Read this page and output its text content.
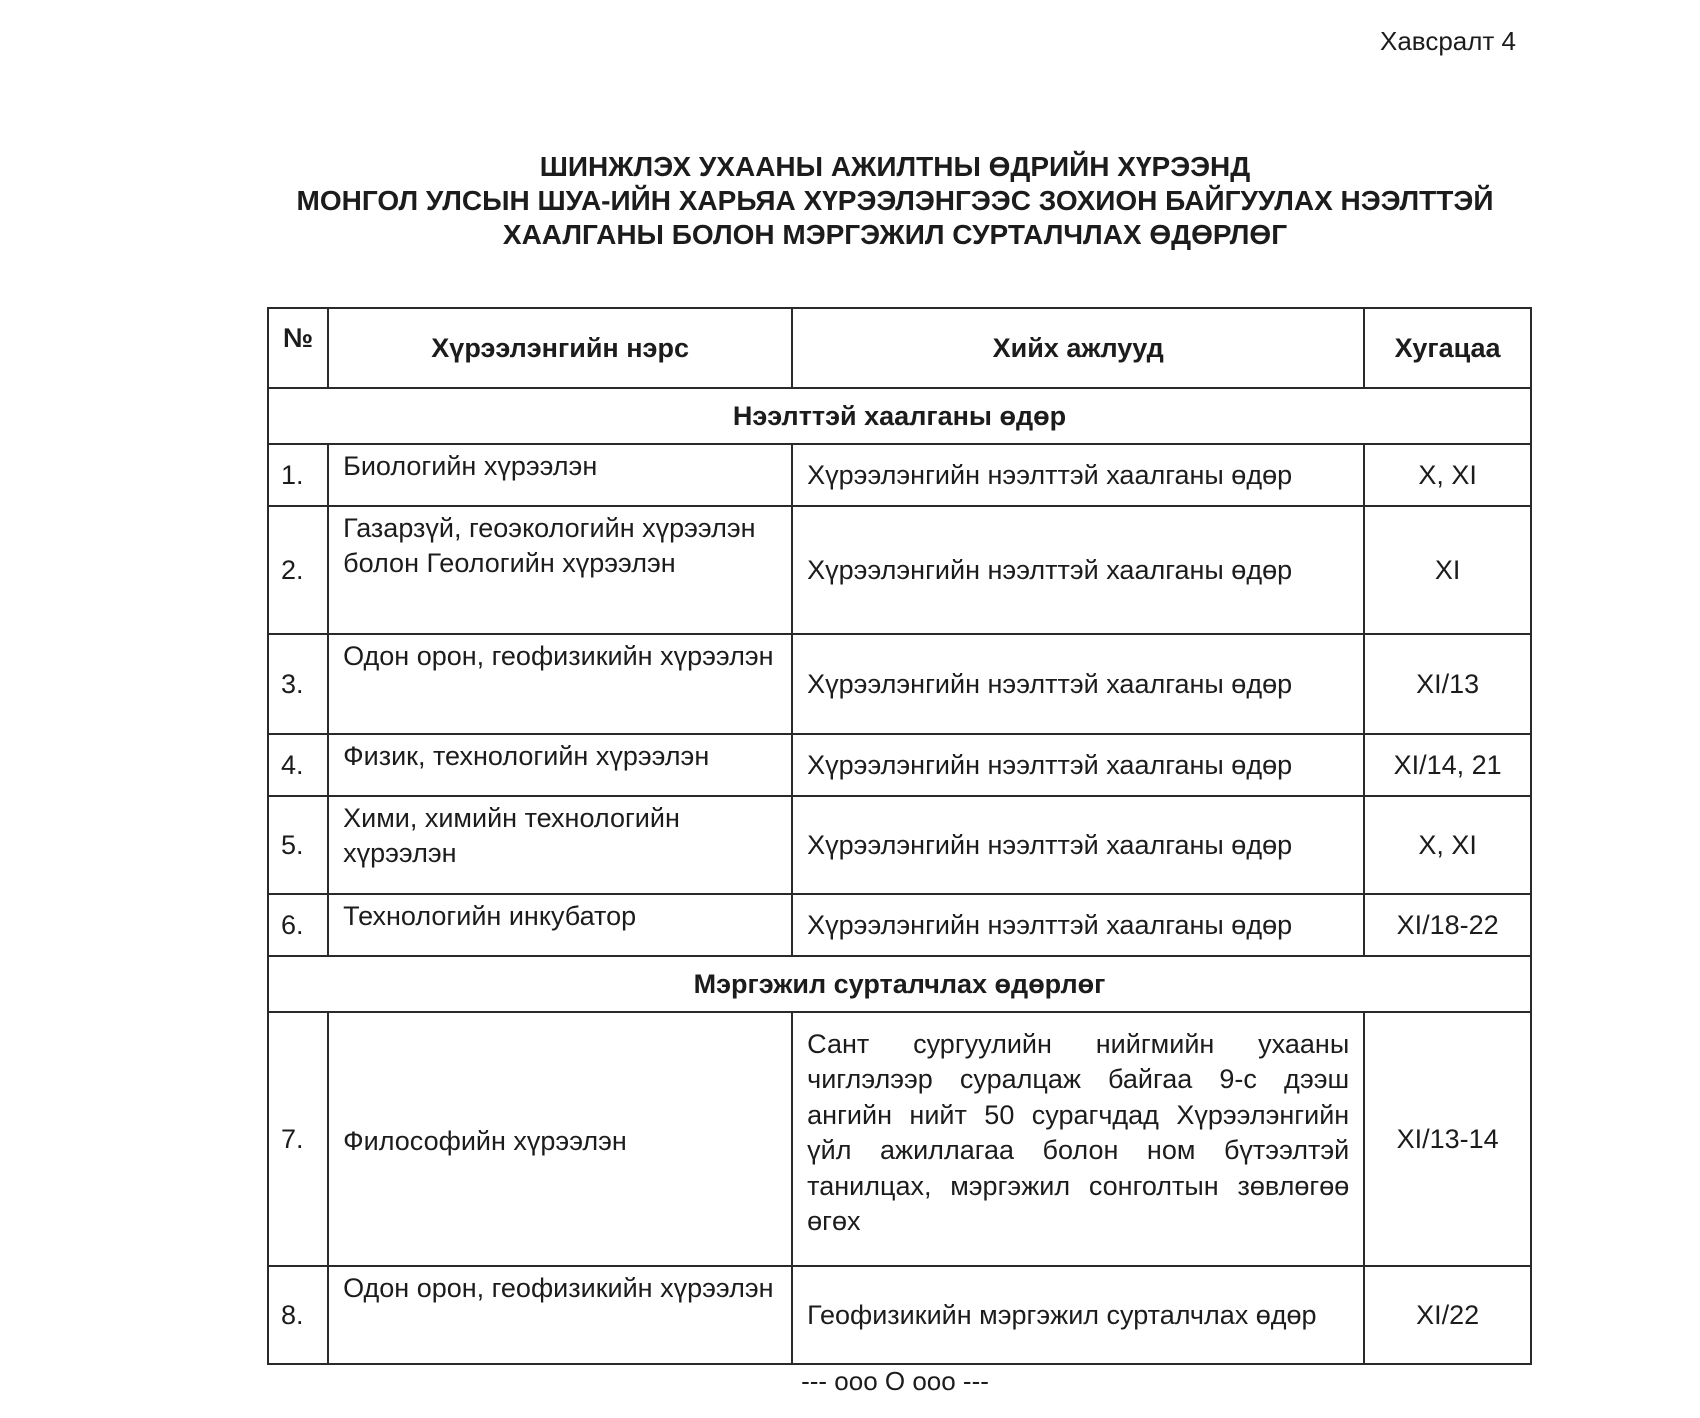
Хавсралт 4
ШИНЖЛЭХ УХААНЫ АЖИЛТНЫ ӨДРИЙН ХҮРЭЭНД
МОНГОЛ УЛСЫН ШУА-ИЙН ХАРЬЯА ХҮРЭЭЛЭНГЭЭС ЗОХИОН БАЙГУУЛАХ НЭЭЛТТЭЙ
ХААЛГАНЫ БОЛОН МЭРГЭЖИЛ СУРТАЛЧЛАХ ӨДӨРЛӨГ
№	Хүрээлэнгийн нэрс	Хийх ажлууд	Хугацаа
Нээлттэй хаалганы өдөр			
1.	Биологийн хүрээлэн	Хүрээлэнгийн нээлттэй хаалганы өдөр	X, XI
2.	Газарзүй, геоэкологийн хүрээлэн болон Геологийн хүрээлэн	Хүрээлэнгийн нээлттэй хаалганы өдөр	XI
3.	Одон орон, геофизикийн хүрээлэн	Хүрээлэнгийн нээлттэй хаалганы өдөр	XI/13
4.	Физик, технологийн хүрээлэн	Хүрээлэнгийн нээлттэй хаалганы өдөр	XI/14, 21
5.	Хими, химийн технологийн хүрээлэн	Хүрээлэнгийн нээлттэй хаалганы өдөр	X, XI
6.	Технологийн инкубатор	Хүрээлэнгийн нээлттэй хаалганы өдөр	XI/18-22
Мэргэжил сурталчлах өдөрлөг			
7.	Философийн хүрээлэн	Сант сургуулийн нийгмийн ухааны чиглэлээр суралцаж байгаа 9-с дээш ангийн нийт 50 сурагчдад Хүрээлэнгийн үйл ажиллагаа болон ном бүтээлтэй танилцах, мэргэжил сонголтын зөвлөгөө өгөх	XI/13-14
8.	Одон орон, геофизикийн хүрээлэн	Геофизикийн мэргэжил сурталчлах өдөр	XI/22
--- ооо О ооо ---
